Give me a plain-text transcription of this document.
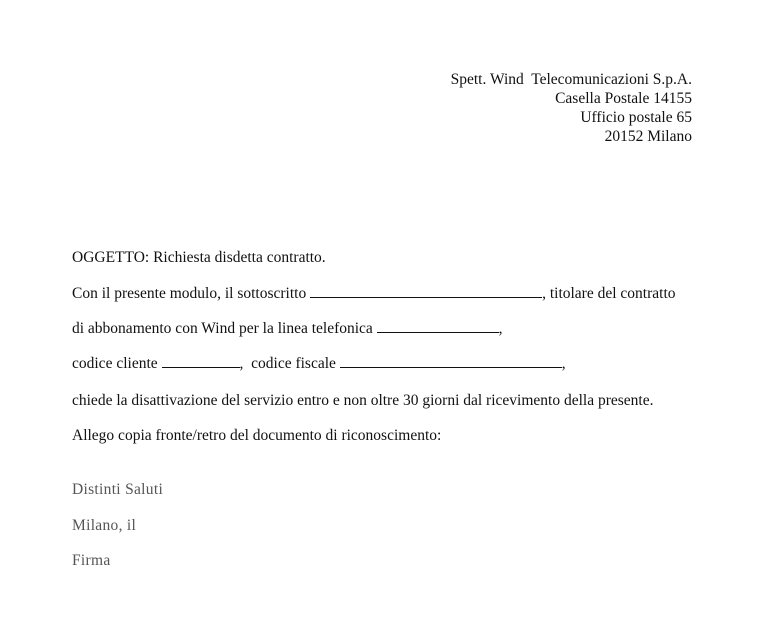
Spett. Wind  Telecomunicazioni S.p.A.
Casella Postale 14155
Ufficio postale 65
20152 Milano
OGGETTO: Richiesta disdetta contratto.
Con il presente modulo, il sottoscritto	, titolare del contratto
di abbonamento con Wind per la linea telefonica	,
codice cliente	,  codice fiscale	,
chiede la disattivazione del servizio entro e non oltre 30 giorni dal ricevimento della presente.
Allego copia fronte/retro del documento di riconoscimento:
Distinti Saluti
Milano, il
Firma
